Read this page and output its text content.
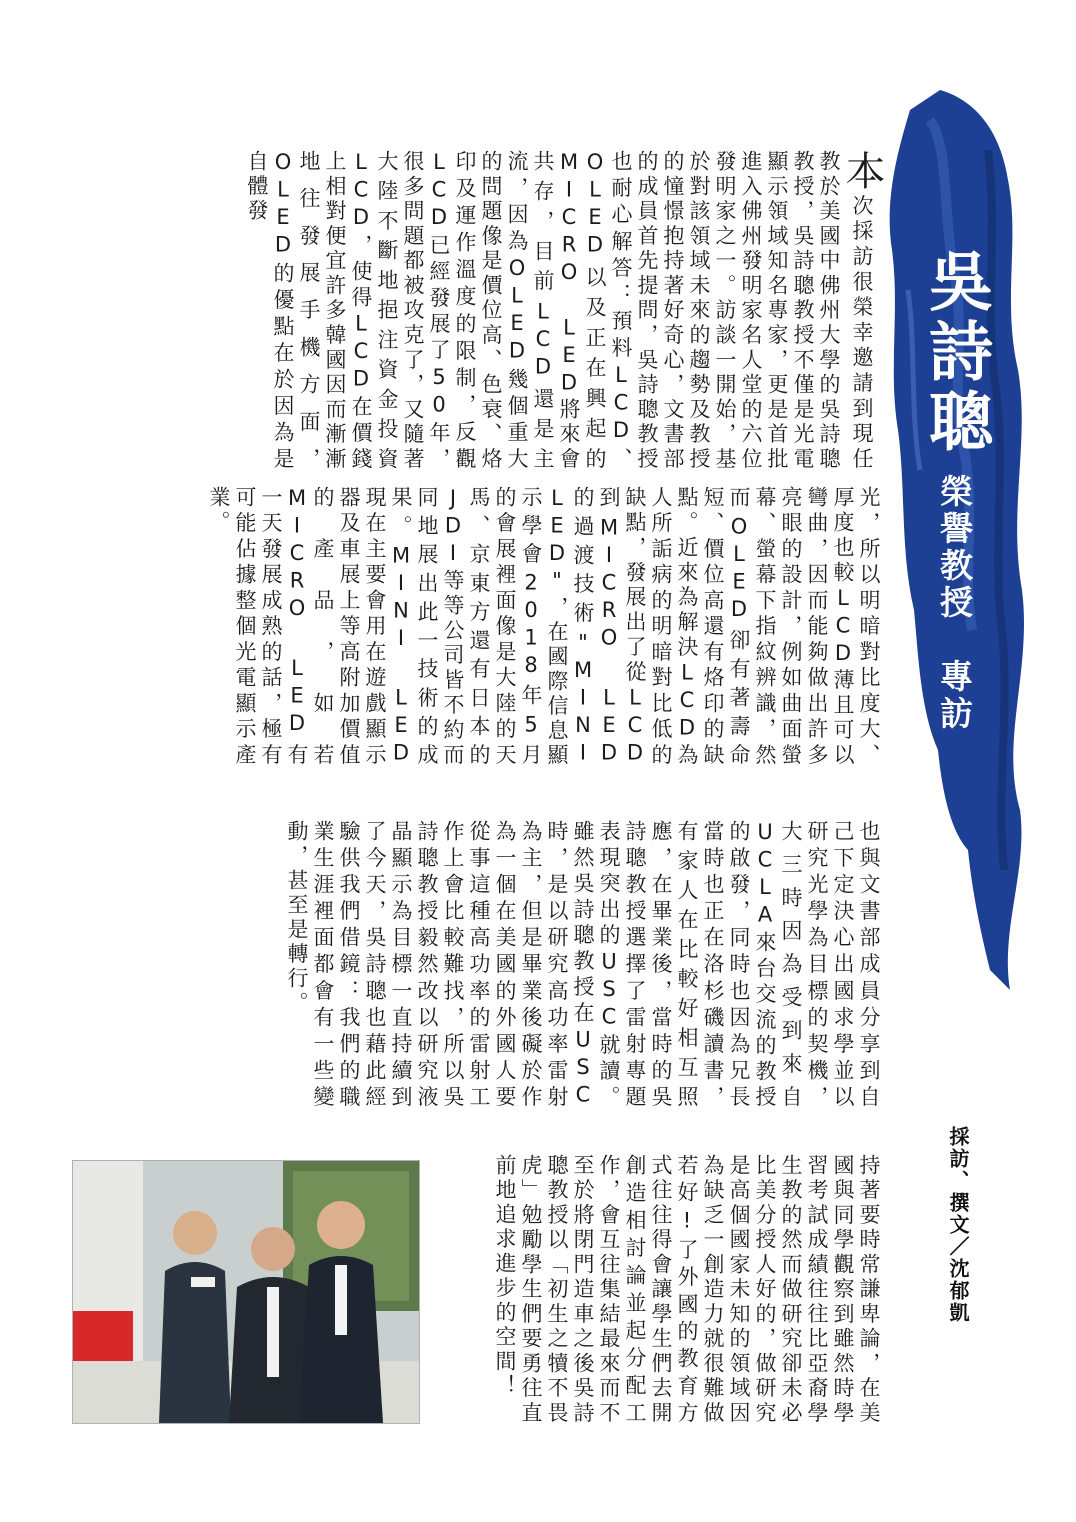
吳詩聰
榮譽教授　專訪
採訪、撰文／沈郁凱
本次採訪很榮幸邀請到現任教於美國中佛州大學的吳詩聰教授，吳詩聰教授不僅是光電顯示領域知名專家，更是首批進入佛州發明家名人堂的六位發明家之一。訪談一開始，基於對該領域未來的趨勢及教授的憧憬抱持著好奇心，文書部的成員首先提問，吳詩聰教授也耐心解答：預料LCD、OLED以及正在興起的MICRO LED將來會共存，目前LCD還是主流，因為OLED幾個重大的問題像是價位高、色衰、烙印及運作溫度的限制，反觀LCD已經發展了50年，很多問題都被攻克了，又隨著大陸不斷地挹注資金投資LCD，使得LCD在價錢上相對便宜許多韓國因而漸漸地往發展手機方面，OLED的優點在於因為是自體發
光，所以明暗對比度大、厚度也較LCD薄且可以彎曲，因而能夠做出許多亮眼的設計，例如曲面螢幕、螢幕下指紋辨識，然而OLED卻有著壽命短、價位高還有烙印的缺點。近來為解決LCD為人所詬病的明暗對比低的缺點，發展出了從LCD到MICRO LED的過渡技術"MINI LED"，在國際信息顯示學會2018年5月的會展裡面像是大陸的天馬、京東方還有日本的JDI等等公司皆不約而同地展出此一技術的成果。MINI LED現在主要會用在遊戲顯示器及車展上等高附加價值的產品，如若MICRO LED有一天發展成熟的話，極有可能佔據整個光電顯示產業。
也與文書部成員分享到自己下定決心出國求學並以研究光學為目標的契機，大三時因為受到來自UCLA來台交流的教授的啟發，同時也因為兄長當時也正在洛杉磯讀書，有家人在比較好相互照應，在畢業後，當時的吳詩聰教授選擇了雷射專題表現突出的USC就讀。雖然吳詩聰教授在USC時，是以研究高功率雷射為主，但是畢業後礙於作為一個在美國的外國人要從事這種高功率的雷射工作上會比較難找，所以吳詩聰教授毅然改以研究液晶顯示為目標一直持續到了今天，吳詩聰也藉此經驗供我們借鏡：我們的職業生涯裡面都會有一些變動，甚至是轉行。
持著要時常謙卑論，在美國與同學觀察到雖然時學習考試成績往往比亞裔學生教的然而做研究卻未必比美分授人好的，做研究是高個國家未知的領域因為缺乏一創造力就很難做若好!了外國的教育方式往往得會讓學生們去開創造相討論並起分配工作，會互往集結最來而不至於將閉門造車之後吳詩聰教授以「初生之犢不畏虎」勉勵學生們要勇往直前地追求進步的空間！
